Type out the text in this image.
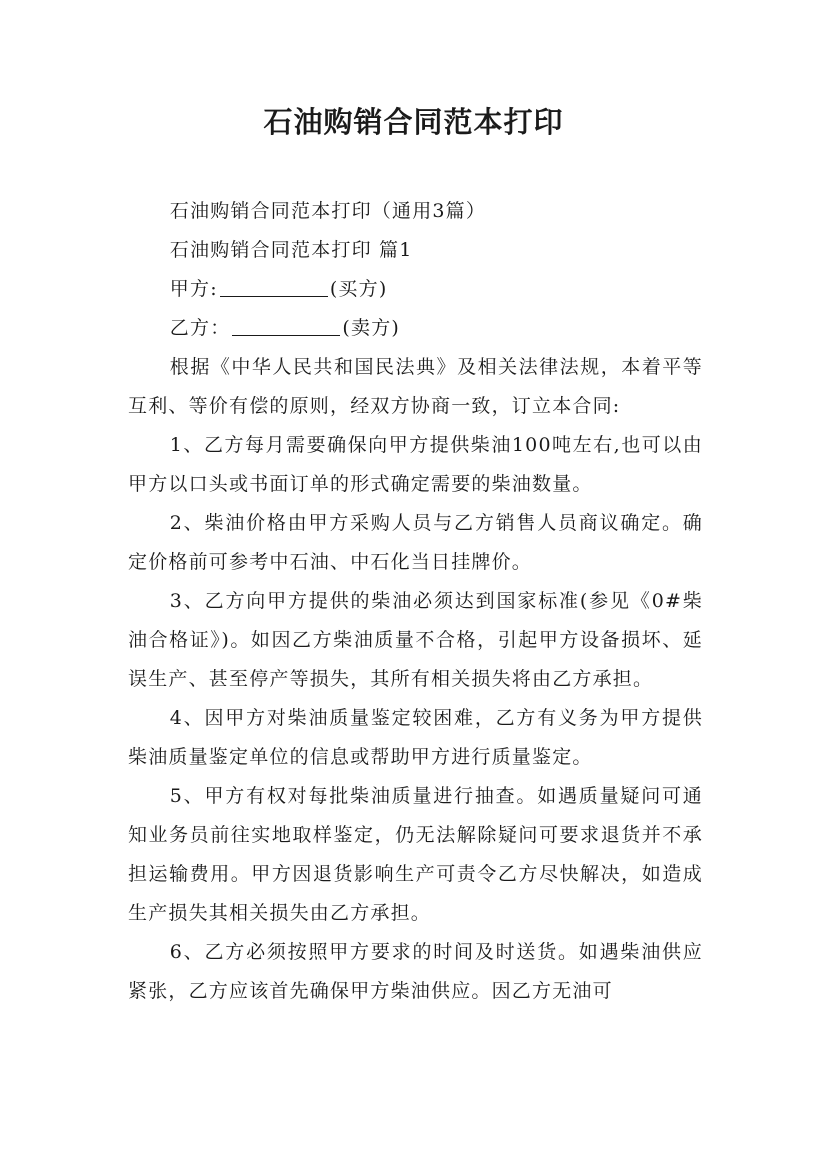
石油购销合同范本打印

石油购销合同范本打印（通用3篇）

石油购销合同范本打印 篇1

甲方:	(买方)

乙方：	(卖方)

根据《中华人民共和国民法典》及相关法律法规，本着平等互利、等价有偿的原则，经双方协商一致，订立本合同:

1、乙方每月需要确保向甲方提供柴油100吨左右,也可以由甲方以口头或书面订单的形式确定需要的柴油数量。

2、柴油价格由甲方采购人员与乙方销售人员商议确定。确定价格前可参考中石油、中石化当日挂牌价。

3、乙方向甲方提供的柴油必须达到国家标准(参见《0#柴油合格证》)。如因乙方柴油质量不合格，引起甲方设备损坏、延误生产、甚至停产等损失，其所有相关损失将由乙方承担。

4、因甲方对柴油质量鉴定较困难，乙方有义务为甲方提供柴油质量鉴定单位的信息或帮助甲方进行质量鉴定。

5、甲方有权对每批柴油质量进行抽查。如遇质量疑问可通知业务员前往实地取样鉴定，仍无法解除疑问可要求退货并不承担运输费用。甲方因退货影响生产可责令乙方尽快解决，如造成生产损失其相关损失由乙方承担。

6、乙方必须按照甲方要求的时间及时送货。如遇柴油供应紧张，乙方应该首先确保甲方柴油供应。因乙方无油可
